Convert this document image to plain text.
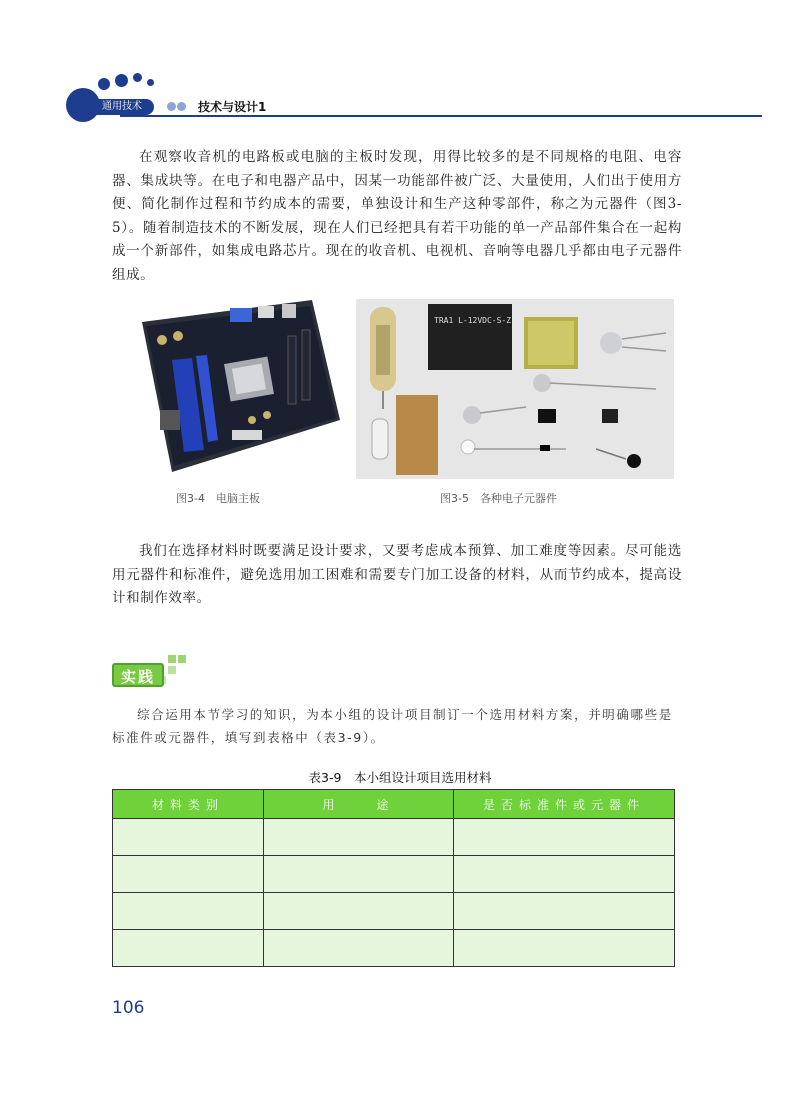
通用技术	技术与设计1

在观察收音机的电路板或电脑的主板时发现，用得比较多的是不同规格的电阻、电容器、集成块等。在电子和电器产品中，因某一功能部件被广泛、大量使用，人们出于使用方便、简化制作过程和节约成本的需要，单独设计和生产这种零部件，称之为元器件（图3-5）。随着制造技术的不断发展，现在人们已经把具有若干功能的单一产品部件集合在一起构成一个新部件，如集成电路芯片。现在的收音机、电视机、音响等电器几乎都由电子元器件组成。

TRA1 L-12VDC-S-Z
图3-4　电脑主板	图3-5　各种电子元器件

我们在选择材料时既要满足设计要求，又要考虑成本预算、加工难度等因素。尽可能选用元器件和标准件，避免选用加工困难和需要专门加工设备的材料，从而节约成本，提高设计和制作效率。

实践

综合运用本节学习的知识，为本小组的设计项目制订一个选用材料方案，并明确哪些是标准件或元器件，填写到表格中（表3-9）。

表3-9　本小组设计项目选用材料
材料类别	用　　途	是否标准件或元器件

106
